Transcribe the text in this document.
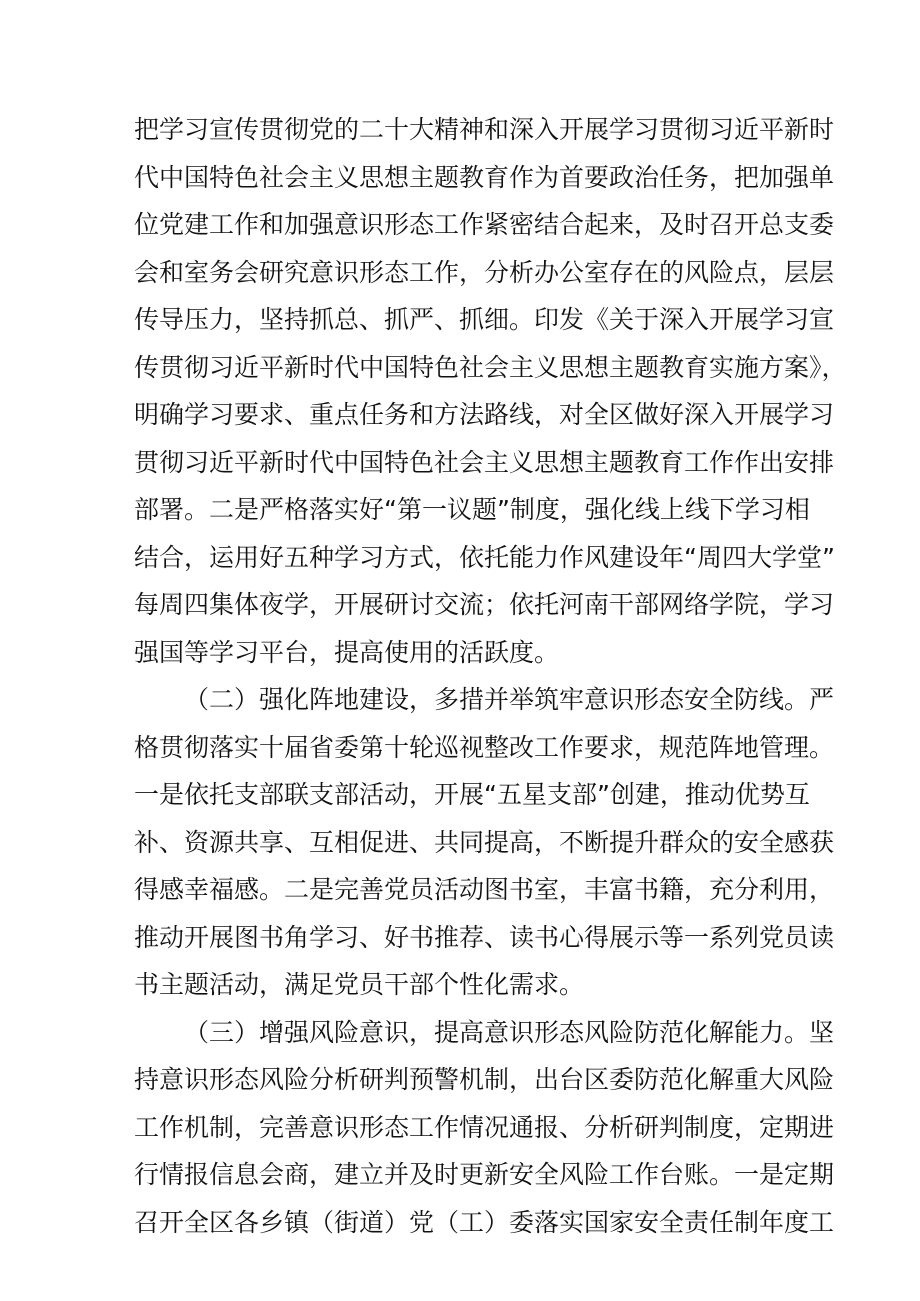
把学习宣传贯彻党的二十大精神和深入开展学习贯彻习近平新时
代中国特色社会主义思想主题教育作为首要政治任务，把加强单
位党建工作和加强意识形态工作紧密结合起来，及时召开总支委
会和室务会研究意识形态工作，分析办公室存在的风险点，层层
传导压力，坚持抓总、抓严、抓细。印发《关于深入开展学习宣
传贯彻习近平新时代中国特色社会主义思想主题教育实施方案》，
明确学习要求、重点任务和方法路线，对全区做好深入开展学习
贯彻习近平新时代中国特色社会主义思想主题教育工作作出安排
部署。二是严格落实好“第一议题”制度，强化线上线下学习相
结合，运用好五种学习方式，依托能力作风建设年“周四大学堂”
每周四集体夜学，开展研讨交流；依托河南干部网络学院，学习
强国等学习平台，提高使用的活跃度。
（二）强化阵地建设，多措并举筑牢意识形态安全防线。严
格贯彻落实十届省委第十轮巡视整改工作要求，规范阵地管理。
一是依托支部联支部活动，开展“五星支部”创建，推动优势互
补、资源共享、互相促进、共同提高，不断提升群众的安全感获
得感幸福感。二是完善党员活动图书室，丰富书籍，充分利用，
推动开展图书角学习、好书推荐、读书心得展示等一系列党员读
书主题活动，满足党员干部个性化需求。
（三）增强风险意识，提高意识形态风险防范化解能力。坚
持意识形态风险分析研判预警机制，出台区委防范化解重大风险
工作机制，完善意识形态工作情况通报、分析研判制度，定期进
行情报信息会商，建立并及时更新安全风险工作台账。一是定期
召开全区各乡镇（街道）党（工）委落实国家安全责任制年度工
